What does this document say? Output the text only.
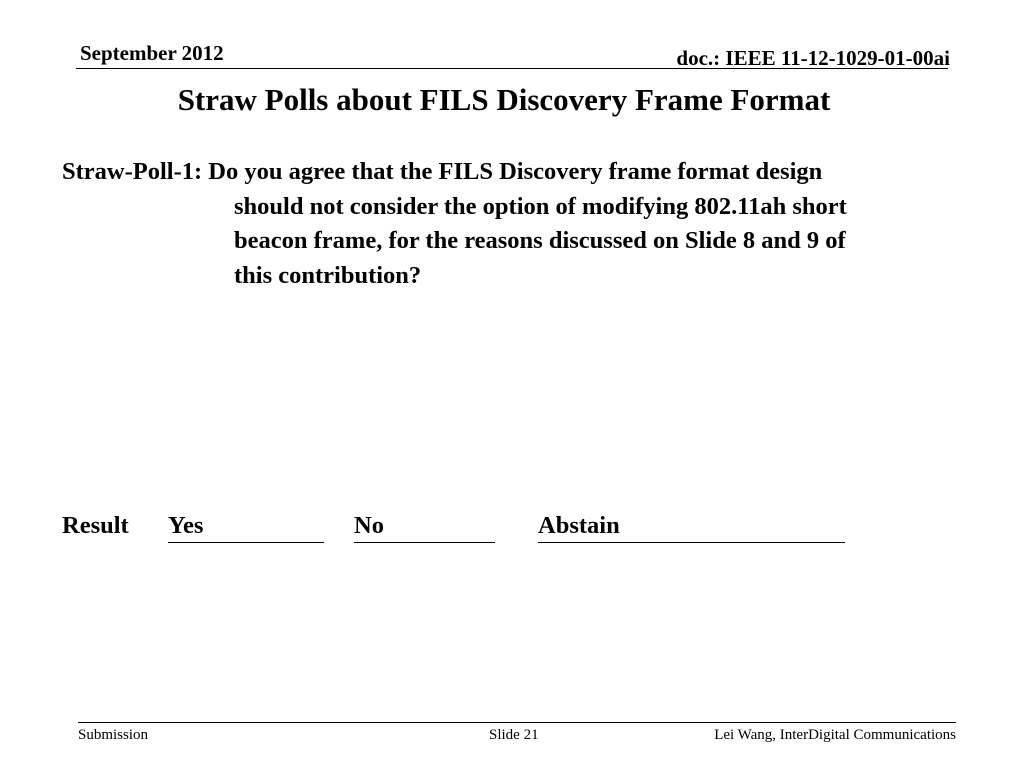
September 2012	doc.: IEEE 11-12-1029-01-00ai
Straw Polls about FILS Discovery Frame Format
Straw-Poll-1: Do you agree that the FILS Discovery frame format design
should not consider the option of modifying 802.11ah short
beacon frame, for the reasons discussed on Slide 8 and 9 of
this contribution?
Result Yes	No	Abstain
Submission	Slide 21	Lei Wang, InterDigital Communications
